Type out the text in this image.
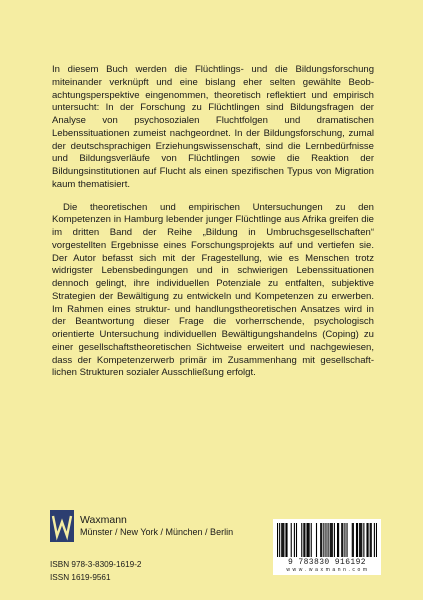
In diesem Buch werden die Flüchtlings- und die Bildungsforschung miteinander verknüpft und eine bislang eher selten gewählte Beobachtungsperspektive eingenommen, theoretisch reflektiert und empirisch untersucht: In der Forschung zu Flüchtlingen sind Bildungsfragen der Analyse von psychosozialen Fluchtfolgen und dramatischen Lebenssituationen zumeist nachgeordnet. In der Bildungsforschung, zumal der deutschsprachigen Erziehungswissenschaft, sind die Lernbedürfnisse und Bildungsverläufe von Flüchtlingen sowie die Reaktion der Bildungsinstitutionen auf Flucht als einen spezifischen Typus von Migration kaum thematisiert.

Die theoretischen und empirischen Untersuchungen zu den Kompetenzen in Hamburg lebender junger Flüchtlinge aus Afrika greifen die im dritten Band der Reihe „Bildung in Umbruchsgesellschaften“ vorgestellten Ergebnisse eines Forschungsprojekts auf und vertiefen sie. Der Autor befasst sich mit der Fragestellung, wie es Menschen trotz widrigster Lebensbedingungen und in schwierigen Lebenssituationen dennoch gelingt, ihre individuellen Potenziale zu entfalten, subjektive Strategien der Bewältigung zu entwickeln und Kompetenzen zu erwerben. Im Rahmen eines struktur- und handlungstheoretischen Ansatzes wird in der Beantwortung dieser Frage die vorherrschende, psychologisch orientierte Untersuchung individuellen Bewältigungshandelns (Coping) zu einer gesellschaftstheoretischen Sichtweise erweitert und nachgewiesen, dass der Kompetenzerwerb primär im Zusammenhang mit gesellschaftlichen Strukturen sozialer Ausschließung erfolgt.

Waxmann
Münster / New York / München / Berlin
ISBN 978-3-8309-1619-2
ISSN 1619-9561
9 783830 916192
w w w . w a x m a n n . c o m
